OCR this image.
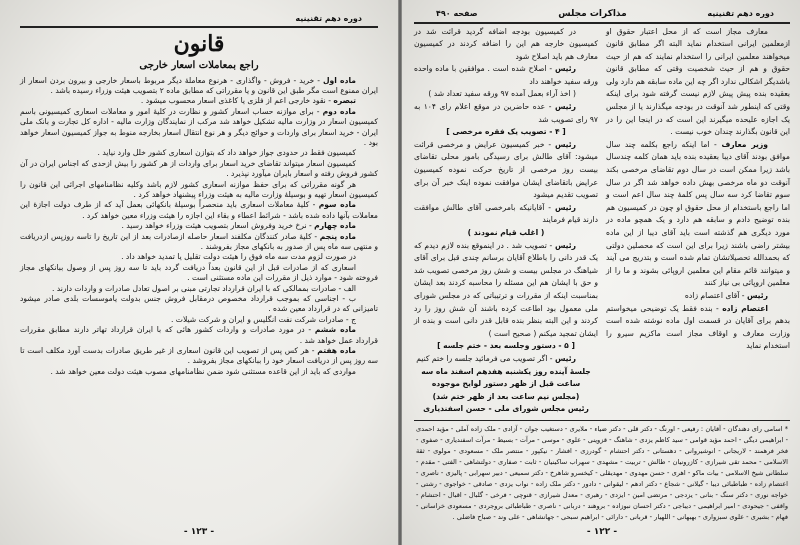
صفحه ۴۹۰	مذاکرات مجلس	دوره دهم تقنینیه

معارف مجاز است که از محل اعتبار حقوق او ازمعلمین ایرانی استخدام نماید البته اگر مطابق قانون میخواهند معلمین ایرانی را استخدام نمایند که هم از حیث حقوق و هم از حیث شخصیت وقتی که مطابق قانون باشدیگر اشکالی ندارد اگر چه این ماده سابقه هم دارد ولی بعقیده بنده پیش پیش لازم نیست گرفته شود برای اینکه وقتی که اینطور شد آنوقت در بودجه میگذارند یا از مجلس یک اجازه علیحده میگیرند این است که در اینجا این را در این قانون بگذارند چندان خوب نیست .

وزیر معارف - اما اینکه راجع بکلمه چند سال موافق بودند آقای دیبا بعقیده بنده باید همان کلمه چندسال باشد زیرا ممکن است در سال دوم تقاضای مرخصی بکند آنوقت دو ماه مرخصی بهش داده خواهد شد اگر در سال سوم تقاضا کرد سه سال پس کلمهٔ چند سال اعم است و اما راجع باستخدام از محل حقوق او چون در کمیسیون هم بنده توضیح دادم و سابقه هم دارد و یک همچو ماده در مورد دیگری هم گذشته است باید آقای دیبا از این ماده بیشتر راضی باشند زیرا برای این است که محصلین دولتی که بحمدالله تحصیلاتشان تمام شده است و بتدریج می آیند و میتوانند قائم مقام این معلمین اروپائی بشوند و ما را از معلمین اروپائی بی نیاز کنند

رئیس - آقای اعتصام زاده

اعتصام زاده - بنده فقط یک توضیحی میخواستم بدهم برای آقایان در قسمت اول ماده نوشته شده است وزارت معارف و اوقاف مجاز است ماکزیم سیرو را استخدام نماید

در کمیسیون بودجه اضافه گردید قرائت شد در کمیسیون خارجه هم این را اضافه کردند در کمیسیون معارف هم باید اصلاح شود

رئیس - اصلاح شده است . موافقین با ماده واحده ورقه سفید خواهند داد

( اخذ آراء بعمل آمده ۹۷ ورقه سفید تعداد شد )

رئیس - عده حاضرین در موقع اعلام رای ۱۰۴ به ۹۷ رای تصویب شد

[ ۴ - تصویب یک فقره مرخصی ]

رئیس - خبر کمیسیون عرایض و مرخصی قرائت میشود: آقای طالش برای رسیدگی بامور محلی تقاضای بیست روز مرخصی از تاریخ حرکت نموده کمیسیون عرایض باتقاضای ایشان موافقت نموده اینک خبر آن برای تصویب تقدیم میشود

رئیس - آقایانیکه بامرخصی آقای طالش موافقت دارند قیام فرمایند

( اغلب قیام نمودند )

رئیس - تصویب شد . در اینموقع بنده لازم دیدم که یک قدر دانی را باطلاع آقایان برسانم چندی قبل برای آقای شیاهنگ در مجلس بیست و شش روز مرخصی تصویب شد و حق با ایشان هم این مسئله را محاسبه کردند بعد ایشان بمناسبت اینکه از مقررات و ترتیباتی که در مجلس شورای ملی معمول بود اطاعت کرده باشند آن شش روز را رد کردند و این البته بنظر بنده قابل قدر دانی است و بنده از ایشان تمجید میکنم ( صحیح است )

[ ۵ - دستور وجلسه بعد - ختم جلسه ]

رئیس - اگر تصویب می فرمائید جلسه را ختم کنیم

جلسهٔ آینده روز یکشنبه هفدهم اسفند ماه سه ساعت قبل از ظهر دستور لوایح موجوده

(مجلس نیم ساعت بعد از ظهر ختم شد)

رئیس مجلس شورای ملی - حسن اسفندیاری

* اسامی رای دهندگان - آقایان : رفیعی - اورنگ - دکتر قلی - دکتر ضیاء - ملایری - دستغیب جوان - آزادی - ملک زاده آملی - مؤید احمدی - ابراهیمی دیگی - احمد مؤید قوامی - سید کاظم یزدی - شاهنگ - قزوینی - علوی - موسی - مرآت - بسیط - مرآت اسفندیاری - صفوی - فخر فرهمند - لاریجانی - انوشیروانی - دهستانی - دکتر احتشام - گودرزی - افشار - نیکپور - منتصر ملک - مسعودی - مولوی - ثقة الاسلامی - محمد تقی شیرازی - کازرونیان - طالش - تربیت - مشهدی - سهراب ساکینیان - ثابت - صفاری - دولتشاهی - الفتی - مقدم - سلطانی شیخ الاسلامی - بیات ماکو - اهری - حسن مهدوی - مهدیقلی - کیخسرو شاهرخ - دکتر سمیعی - دبیر سهرابی - پالیزی - ناصری - اعتصام زاده - طباطبائی دیبا - گیلانی - شجاع - دکتر ادهم - لیقوانی - دادور - دکتر ملک زاده - نواب یزدی - صادقی - خواجوی - رشتی - خواجه نوری - دکتر سنگ - بنانی - یزدجی - مرتضی امین - ایزدی - رهبری - معدل شیرازی - قنوچی - فرخی - گلبال - اقبال - احتشام - واقفی - جیحودی - امیر ابراهیمی - دیباجی - دکتر احسان نبوزاده - بروهند - دربانی - ناصری - طباطبائی بروجردی - مسعودی خراسانی - فهام - بشیری - علوی سبزواری - بهبهانی - اللهیار - قربانی - دارائی - ابراهیم سبحی - جهانشاهی - علی وند - صباح فاضلی .
- ۱۲۲ -
دوره دهم تقنینیه
قانون
راجع بمعاملات اسعار خارجی

ماده اول - خرید - فروش - واگذاری - هرنوع معاملهٔ دیگر مربوط باسعار خارجی و بیرون بردن اسعار از ایران ممنوع است مگر طبق این قانون و یا مقرراتی که مطابق ماده ۲ بتصویب هیئت وزراء رسیده باشد .

تبصره - نقود خارجی اعم از فلزی یا کاغذی اسعار محسوب میشود .

ماده دوم - برای موازنه حساب اسعار کشور و نظارت در کلیهٔ امور و معاملات اسعاری کمیسیونی باسم کمیسیون اسعار در وزارت مالیه تشکیل خواهد شد مرکب از نمایندگان وزارت مالیه - اداره کل تجارت و بانک ملی ایران - خرید اسعار برای واردات و حوائج دیگر و هر نوع انتقال اسعار بخارجه منوط به جواز کمیسیون اسعار خواهد بود .

کمیسیون فقط در حدودی جواز خواهد داد که بتوازن اسعاری کشور خلل وارد نیاید .

کمیسیون اسعار میتواند تقاضای خرید اسعار برای واردات از هر کشور را بیش ازحدی که اجناس ایران در آن کشور فروش رفته و اسعار بایران میآورد نپذیرد .

هر گونه مقرراتی که برای حفظ موازنه اسعاری کشور لازم باشد وکلیه نظامنامهای اجرائی این قانون را کمیسیون اسعار تهیه و بوسیلهٔ وزارت مالیه به هیئت وزراء پیشنهاد خواهد کرد .

ماده سوم - کلیهٔ معاملات اسعاری باید منحصراً بوسیلهٔ بانکهائی بعمل آید که از طرف دولت اجازهٔ این معاملات بآنها داده شده باشد - شرائط اعطاء و بقاء این اجازه را هیئت وزراء معین خواهد کرد .

ماده چهارم - نرخ خرید وفروش اسعار بتصویب هیئت وزراء خواهد رسید .

ماده پنجم - کلیهٔ صادر کنندگان مکلفند اسعار حاصله ازصادرات بعد از این تاریخ را تاسه روزپس ازدریافت و منتهی سه ماه پس از صدور به بانکهای مجاز بفروشند .

در صورت لزوم مدت سه ماه فوق را هیئت دولت تقلیل یا تمدید خواهد داد .

اسعاری که از صادرات قبل از این قانون بعداً دریافت گردد باید تا سه روز پس از وصول ببانکهای مجاز فروخته شود - موارد ذیل از مقررات این ماده مستثنی است .

الف - صادرات بممالکی که با ایران قرارداد تجارتی مبنی بر اصول تعادل صادرات و واردات دارند .

ب - اجناسی که بموجب قرارداد مخصوص درمقابل فروش جنس بدولت یاموسسات بلدی صادر میشود تامیزانی که در قرارداد معین شده .

ج - صادرات شرکت نفت انگلیس و ایران و شرکت شیلات .

ماده ششم - در مورد صادرات و واردات کشور هائی که با ایران قرارداد تهاتر دارند مطابق مقررات قرارداد عمل خواهد شد .

ماده هفتم - هر کس پس از تصویب این قانون اسعاری از غیر طریق صادرات بدست آورد مکلف است تا سه روز پس از دریافت اسعار خود را ببانکهای مجاز بفروشد .

مواردی که باید از این قاعده مستثنی شود ضمن نظامنامهای مصوب هیئت دولت معین خواهد شد .

- ۱۲۳ -
